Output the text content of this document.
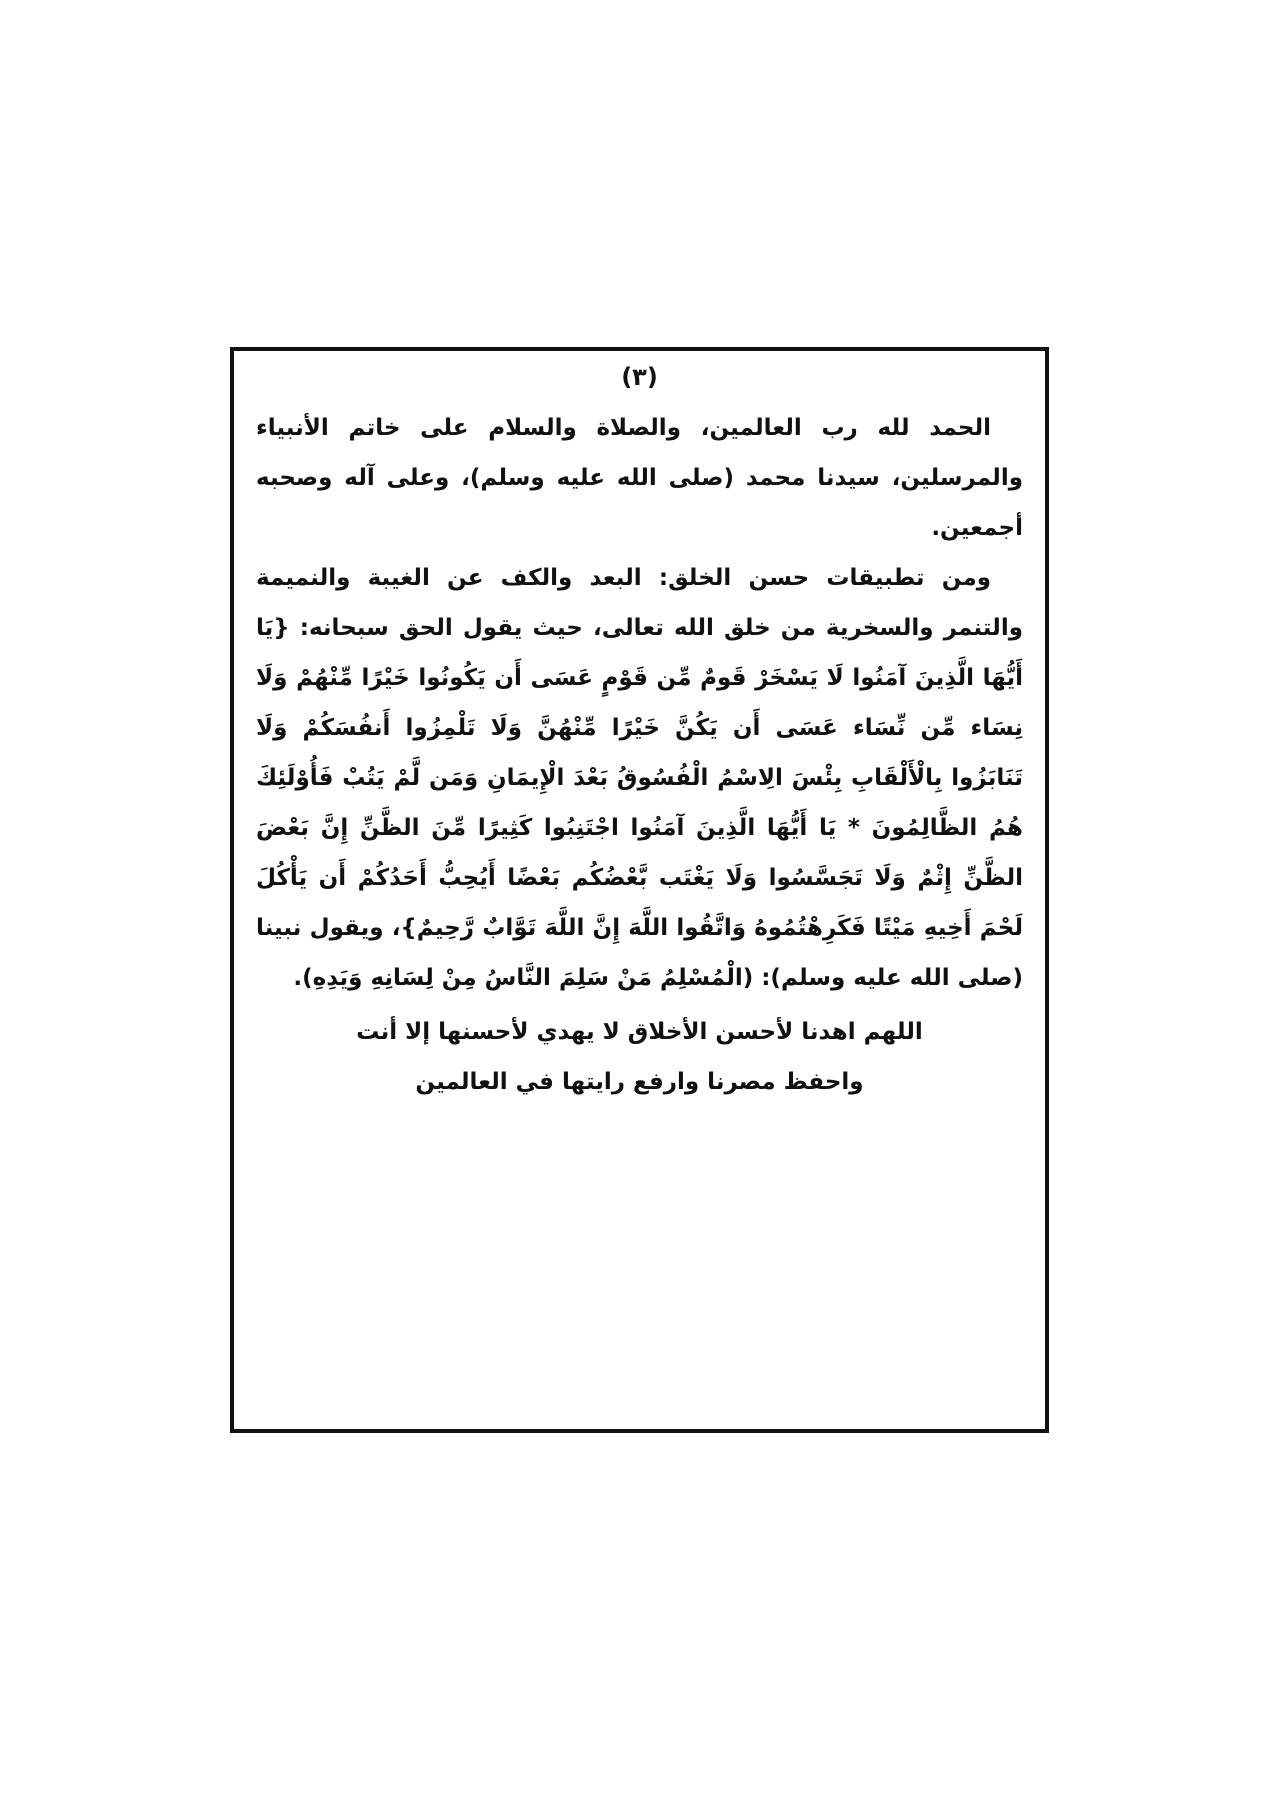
(٣)

الحمد لله رب العالمين، والصلاة والسلام على خاتم الأنبياء والمرسلين، سيدنا محمد (صلى الله عليه وسلم)، وعلى آله وصحبه أجمعين.

ومن تطبيقات حسن الخلق: البعد والكف عن الغيبة والنميمة والتنمر والسخرية من خلق الله تعالى، حيث يقول الحق سبحانه: {يَا أَيُّهَا الَّذِينَ آمَنُوا لَا يَسْخَرْ قَومٌ مِّن قَوْمٍ عَسَى أَن يَكُونُوا خَيْرًا مِّنْهُمْ وَلَا نِسَاء مِّن نِّسَاء عَسَى أَن يَكُنَّ خَيْرًا مِّنْهُنَّ وَلَا تَلْمِزُوا أَنفُسَكُمْ وَلَا تَنَابَزُوا بِالْأَلْقَابِ بِئْسَ الِاسْمُ الْفُسُوقُ بَعْدَ الْإِيمَانِ وَمَن لَّمْ يَتُبْ فَأُوْلَئِكَ هُمُ الظَّالِمُونَ * يَا أَيُّهَا الَّذِينَ آمَنُوا اجْتَنِبُوا كَثِيرًا مِّنَ الظَّنِّ إِنَّ بَعْضَ الظَّنِّ إِثْمٌ وَلَا تَجَسَّسُوا وَلَا يَغْتَب بَّعْضُكُم بَعْضًا أَيُحِبُّ أَحَدُكُمْ أَن يَأْكُلَ لَحْمَ أَخِيهِ مَيْتًا فَكَرِهْتُمُوهُ وَاتَّقُوا اللَّهَ إِنَّ اللَّهَ تَوَّابٌ رَّحِيمٌ}، ويقول نبينا (صلى الله عليه وسلم): (الْمُسْلِمُ مَنْ سَلِمَ النَّاسُ مِنْ لِسَانِهِ وَيَدِهِ).

اللهم اهدنا لأحسن الأخلاق لا يهدي لأحسنها إلا أنت
واحفظ مصرنا وارفع رايتها في العالمين
